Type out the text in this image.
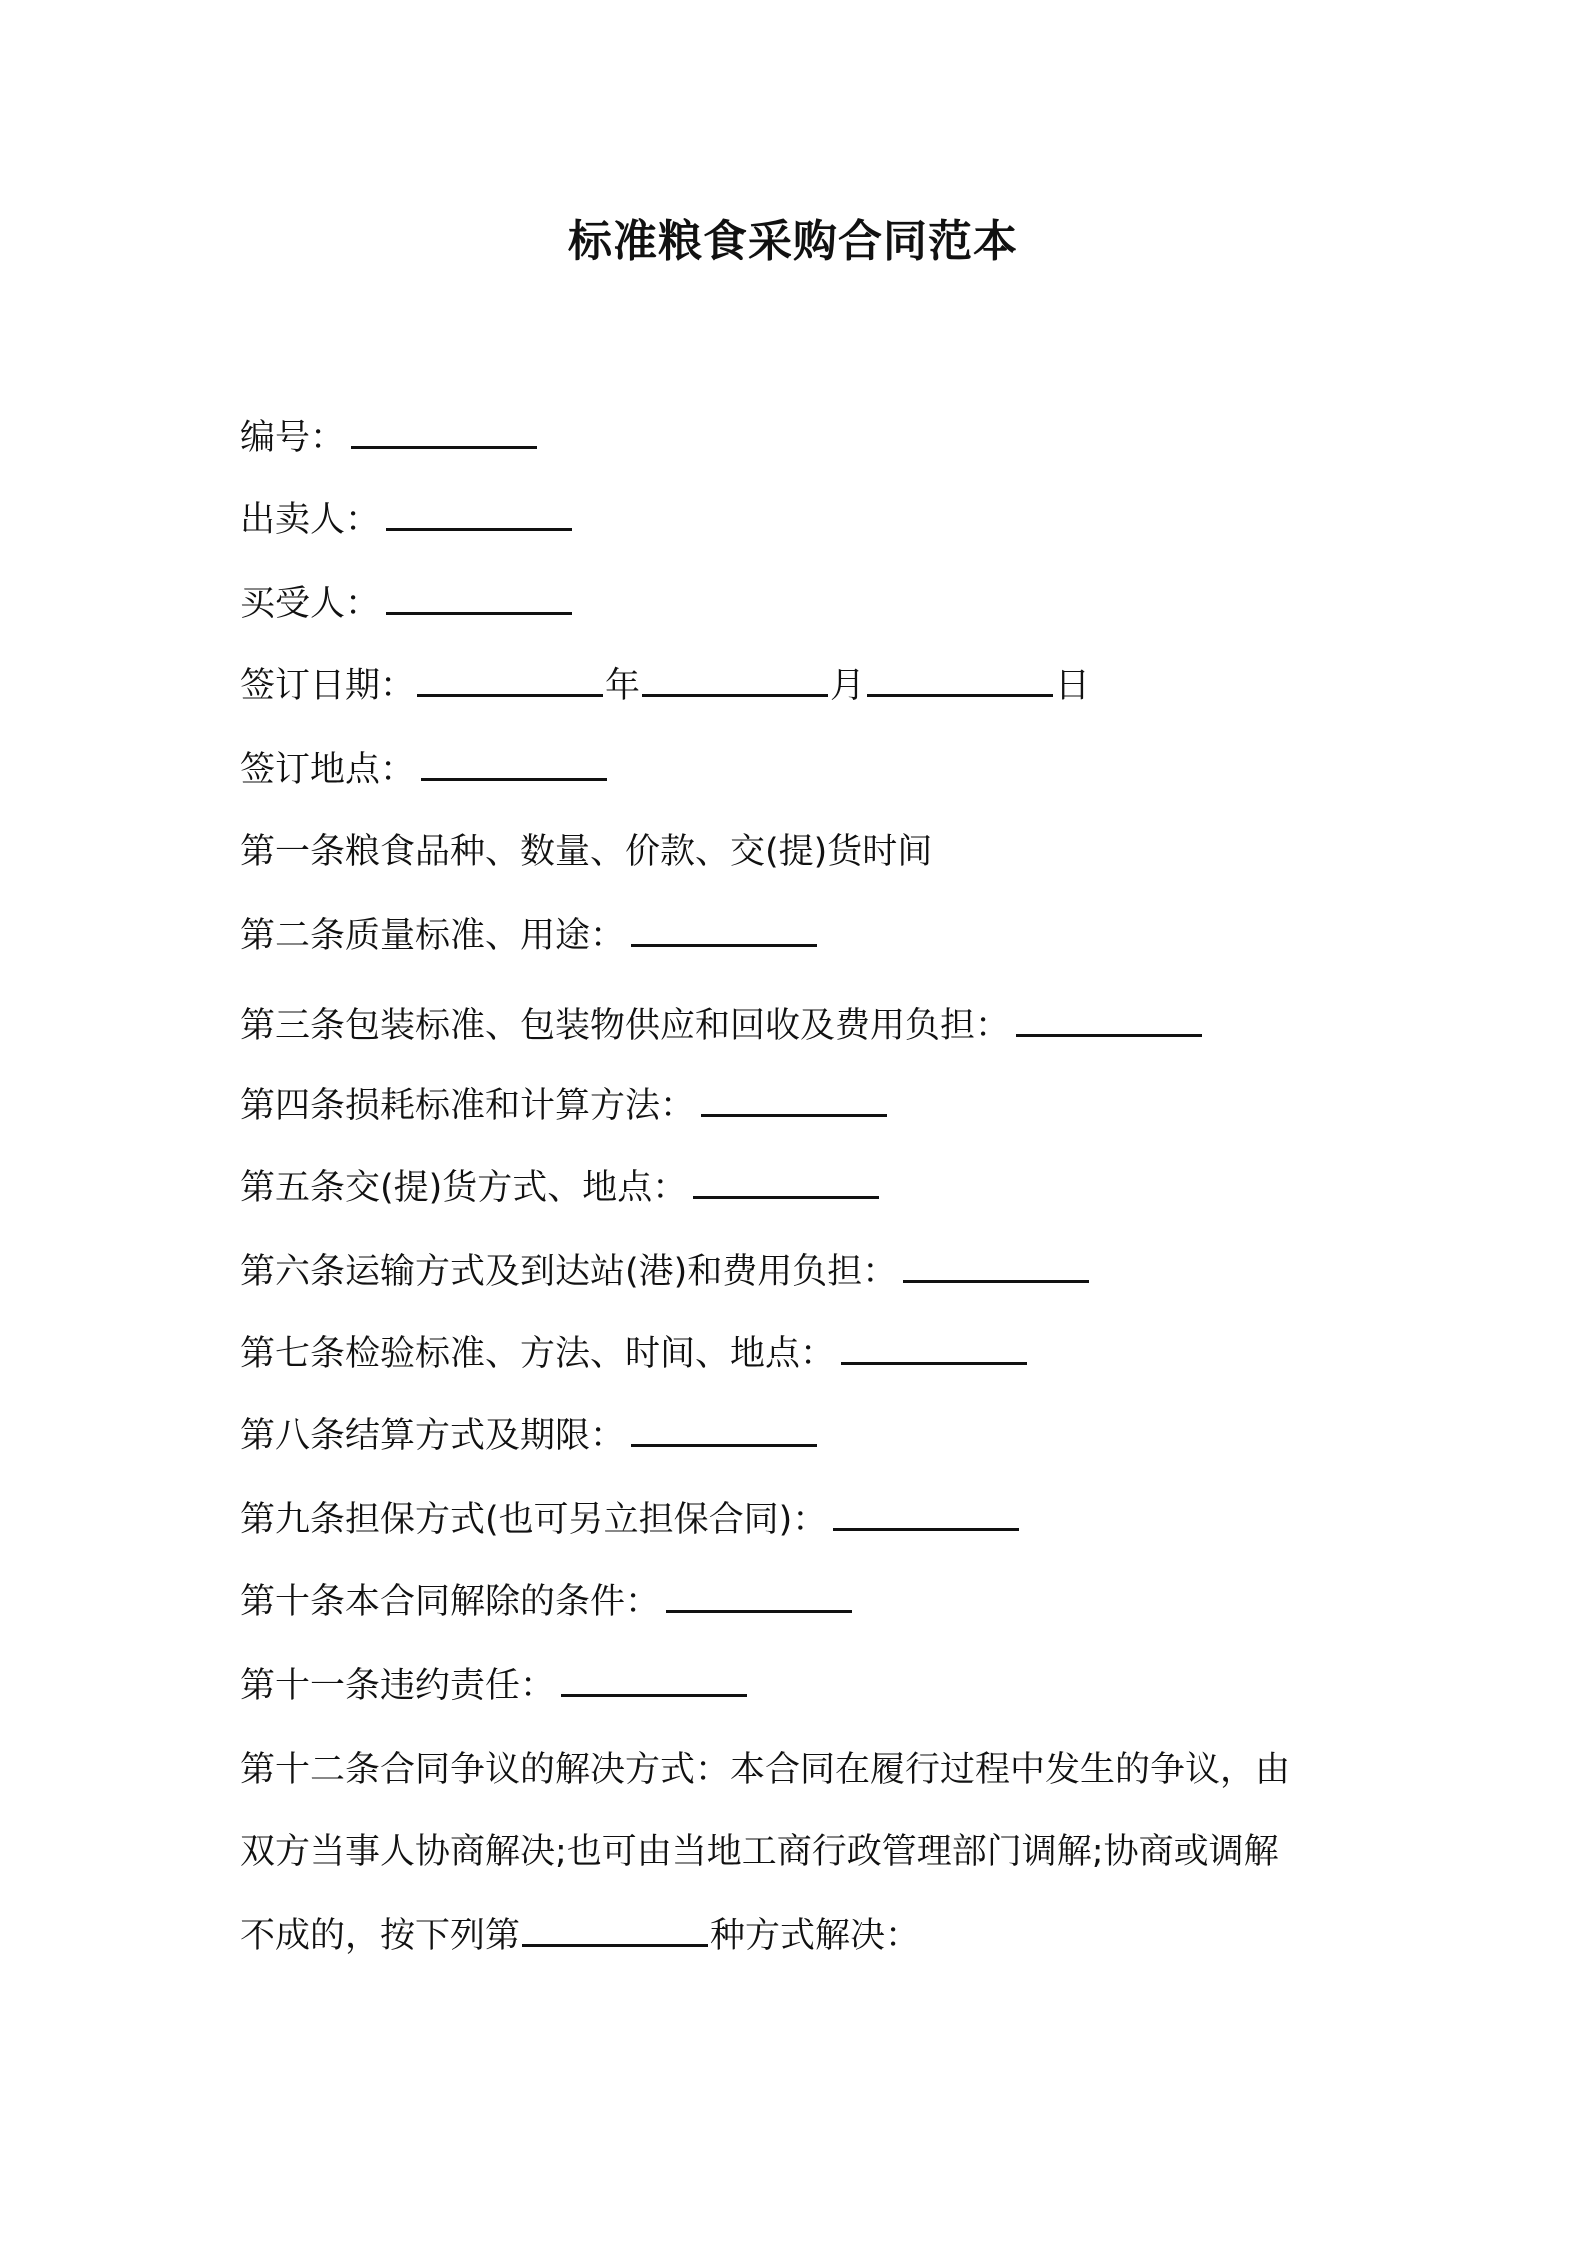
标准粮食采购合同范本
编号：
出卖人：
买受人：
签订日期：	年	月	日
签订地点：
第一条粮食品种、数量、价款、交(提)货时间
第二条质量标准、用途：
第三条包装标准、包装物供应和回收及费用负担：
第四条损耗标准和计算方法：
第五条交(提)货方式、地点：
第六条运输方式及到达站(港)和费用负担：
第七条检验标准、方法、时间、地点：
第八条结算方式及期限：
第九条担保方式(也可另立担保合同)：
第十条本合同解除的条件：
第十一条违约责任：
第十二条合同争议的解决方式：本合同在履行过程中发生的争议，由
双方当事人协商解决;也可由当地工商行政管理部门调解;协商或调解
不成的，按下列第	种方式解决：
